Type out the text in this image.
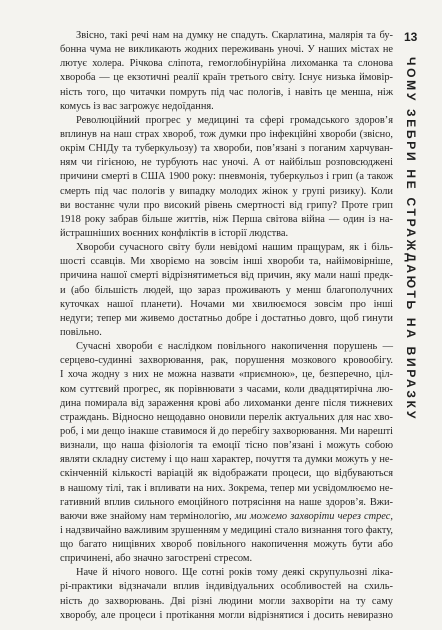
13
ЧОМУ ЗЕБРИ НЕ СТРАЖДАЮТЬ НА ВИРАЗКУ
Звісно, такі речі нам на думку не спадуть. Скарлатина, малярія та бу-
бонна чума не викликають жодних переживань уночі. У наших містах не
лютує холера. Річкова сліпота, гемоглобінурійна лихоманка та слонова
хвороба — це екзотичні реалії країн третього світу. Існує низька ймовір-
ність того, що читачки помруть під час пологів, і навіть це менша, ніж
комусь із вас загрожує недоїдання.
Революційний прогрес у медицині та сфері громадського здоров’я
вплинув на наш страх хвороб, тож думки про інфекційні хвороби (звісно,
окрім СНІДу та туберкульозу) та хвороби, пов’язані з поганим харчуван-
ням чи гігієною, не турбують нас уночі. А от найбільш розповсюджені
причини смерті в США 1900 року: пневмонія, туберкульоз і грип (а також
смерть під час пологів у випадку молодих жінок у групі ризику). Коли
ви востаннє чули про високий рівень смертності від грипу? Проте грип
1918 року забрав більше життів, ніж Перша світова війна — один із на-
йстрашніших воєнних конфліктів в історії людства.
Хвороби сучасного світу були невідомі нашим пращурам, як і біль-
шості ссавців. Ми хворіємо на зовсім інші хвороби та, найімовірніше,
причина нашої смерті відрізнятиметься від причин, яку мали наші предк-
и (або більшість людей, що зараз проживають у менш благополучних
куточках нашої планети). Ночами ми хвилюємося зовсім про інші
недуги; тепер ми живемо достатньо добре і достатньо довго, щоб гинути
повільно.
Сучасні хвороби є наслідком повільного накопичення порушень —
серцево-судинні захворювання, рак, порушення мозкового кровообігу.
І хоча жодну з них не можна назвати «приємною», це, безперечно, ціл-
ком суттєвий прогрес, як порівнювати з часами, коли двадцятирічна лю-
дина помирала від зараження крові або лихоманки денге після тижневих
страждань. Відносно нещодавно оновили перелік актуальних для нас хво-
роб, і ми дещо інакше ставимося й до перебігу захворювання. Ми нарешті
визнали, що наша фізіологія та емоції тісно пов’язані і можуть собою
являти складну систему і що наш характер, почуття та думки можуть у не-
скінченній кількості варіацій як відображати процеси, що відбуваються
в нашому тілі, так і впливати на них. Зокрема, тепер ми усвідомлюємо не-
гативний вплив сильного емоційного потрясіння на наше здоров’я. Вжи-
ваючи вже знайому нам термінологію, ми можемо захворіти через стрес,
і надзвичайно важливим зрушенням у медицині стало визнання того факту,
що багато нищівних хвороб повільного накопичення можуть бути або
спричинені, або значно загострені стресом.
Наче й нічого нового. Ще сотні років тому деякі скрупульозні ліка-
рі-практики відзначали вплив індивідуальних особливостей на схиль-
ність до захворювань. Дві різні людини могли захворіти на ту саму
хворобу, але процеси і протікання могли відрізнятися і досить невиразно
